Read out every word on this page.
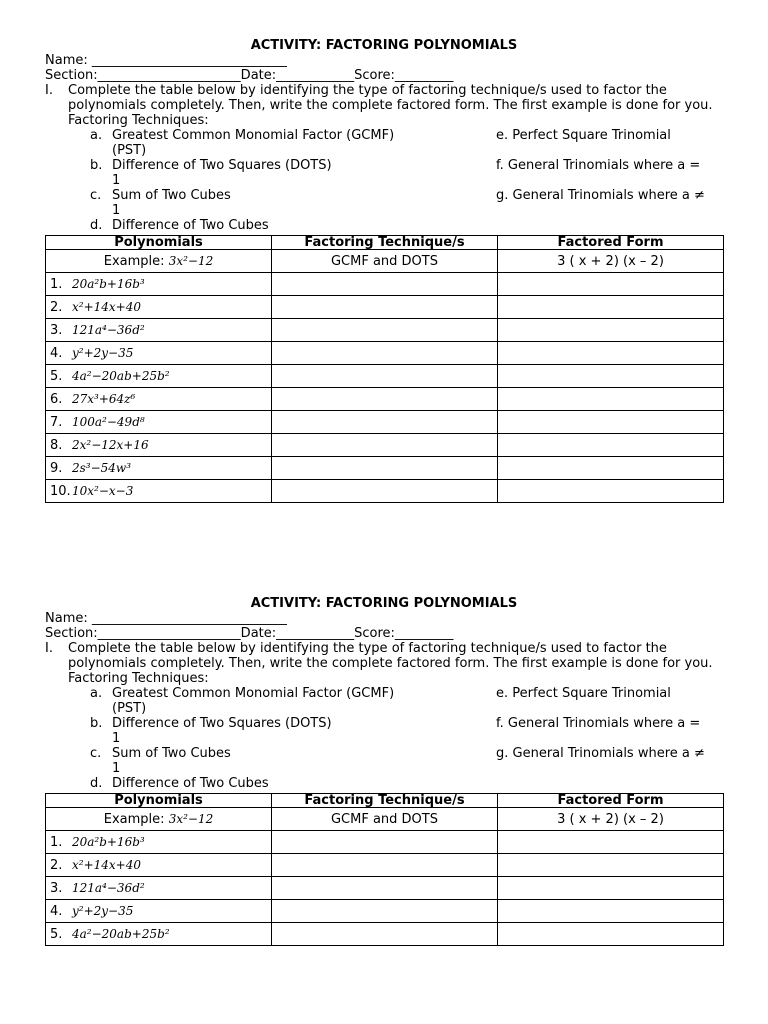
ACTIVITY: FACTORING POLYNOMIALS
Name: ______________________________
Section:______________________Date:____________Score:_________
I.	Complete the table below by identifying the type of factoring technique/s used to factor the polynomials completely. Then, write the complete factored form. The first example is done for you.
Factoring Techniques:
a. Greatest Common Monomial Factor (GCMF)
b. Difference of Two Squares (DOTS)
c. Sum of Two Cubes
d. Difference of Two Cubes
(PST)
1
1
e. Perfect Square Trinomial
f. General Trinomials where a =
g. General Trinomials where a ≠
Polynomials	Factoring Technique/s	Factored Form
Example: 3x²−12	GCMF and DOTS	3 ( x + 2) (x – 2)
1. 20a²b+16b³		
2. x²+14x+40		
3. 121a⁴−36d²		
4. y²+2y−35		
5. 4a²−20ab+25b²		
6. 27x³+64z⁶		
7. 100a²−49d⁸		
8. 2x²−12x+16		
9. 2s³−54w³		
10.10x²−x−3		
ACTIVITY: FACTORING POLYNOMIALS
Name: ______________________________
Section:______________________Date:____________Score:_________
I.	Complete the table below by identifying the type of factoring technique/s used to factor the polynomials completely. Then, write the complete factored form. The first example is done for you.
Factoring Techniques:
a. Greatest Common Monomial Factor (GCMF)
b. Difference of Two Squares (DOTS)
c. Sum of Two Cubes
d. Difference of Two Cubes
(PST)
1
1
e. Perfect Square Trinomial
f. General Trinomials where a =
g. General Trinomials where a ≠
Polynomials	Factoring Technique/s	Factored Form
Example: 3x²−12	GCMF and DOTS	3 ( x + 2) (x – 2)
1. 20a²b+16b³		
2. x²+14x+40		
3. 121a⁴−36d²		
4. y²+2y−35		
5. 4a²−20ab+25b²		
